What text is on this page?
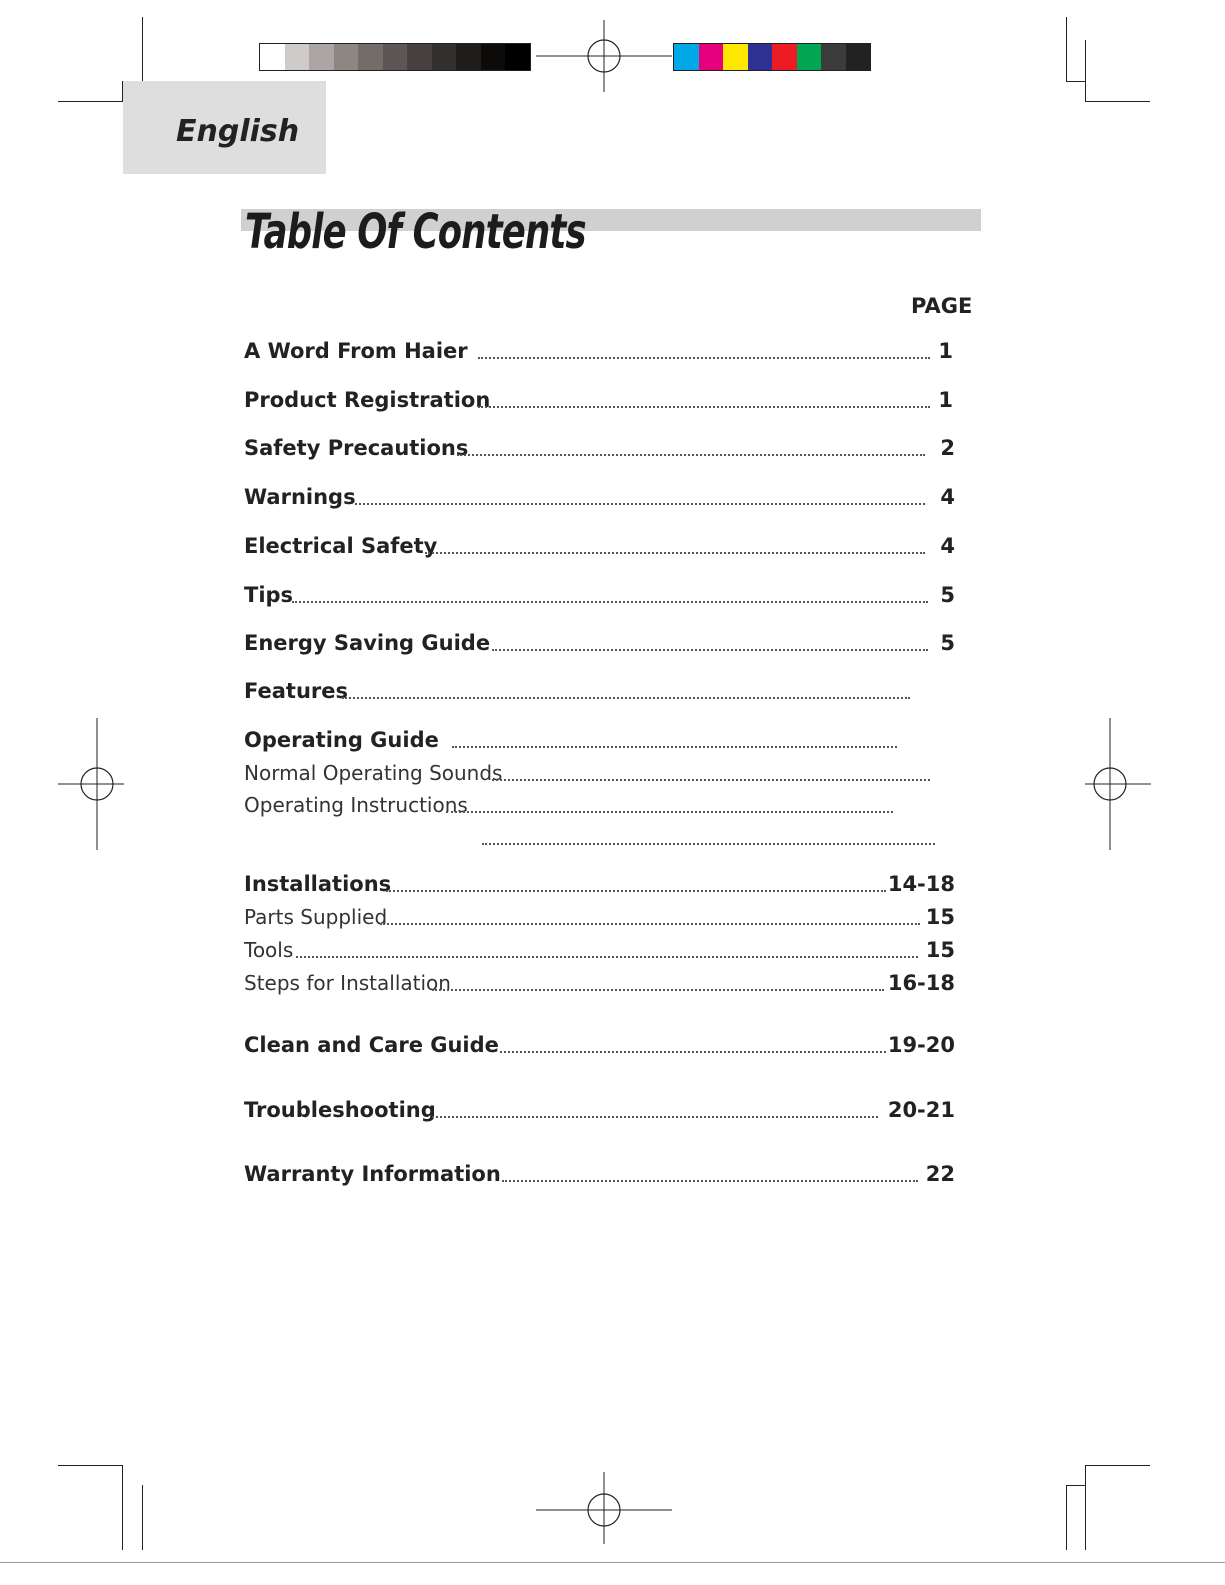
English
Table Of Contents
PAGE
A Word From Haier	1
Product Registration	1
Safety Precautions	2
Warnings	4
Electrical Safety	4
Tips	5
Energy Saving Guide	5
Features
Operating Guide
Normal Operating Sounds
Operating Instructions
Installations	14-18
Parts Supplied	15
Tools	15
Steps for Installation	16-18
Clean and Care Guide	19-20
Troubleshooting	20-21
Warranty Information	22
